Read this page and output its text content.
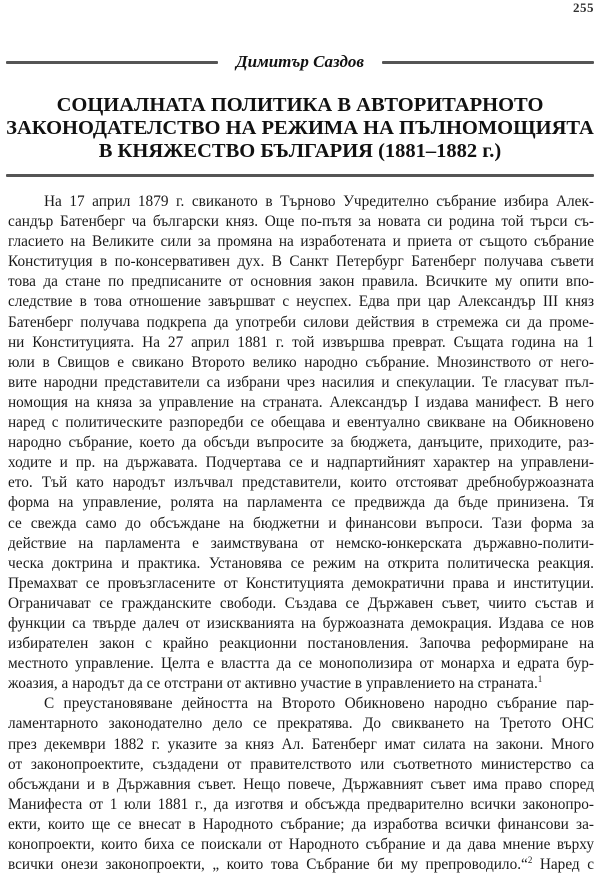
255
Димитър Саздов
СОЦИАЛНАТА ПОЛИТИКА В АВТОРИТАРНОТО
ЗАКОНОДАТЕЛСТВО НА РЕЖИМА НА ПЪЛНОМОЩИЯТА
В КНЯЖЕСТВО БЪЛГАРИЯ (1881–1882 г.)
На 17 април 1879 г. свиканото в Търново Учредително събрание избира Алек-
сандър Батенберг ча български княз. Още по-пътя за новата си родина той търси съ-
гласието на Великите сили за промяна на изработената и приета от същото събрание
Конституция в по-консервативен дух. В Санкт Петербург Батенберг получава съвети
това да стане по предписаните от основния закон правила. Всичките му опити впо-
следствие в това отношение завършват с неуспех. Едва при цар Александър III княз
Батенберг получава подкрепа да употреби силови действия в стремежа си да проме-
ни Конституцията. На 27 април 1881 г. той извършва преврат. Същата година на 1
юли в Свищов е свикано Второто велико народно събрание. Мнозинството от него-
вите народни представители са избрани чрез насилия и спекулации. Те гласуват пъл-
номощия на княза за управление на страната. Александър I издава манифест. В него
наред с политическите разпоредби се обещава и евентуално свикване на Обикновено
народно събрание, което да обсъди въпросите за бюджета, данъците, приходите, раз-
ходите и пр. на държавата. Подчертава се и надпартийният характер на управлени-
ето. Тъй като народът излъчвал представители, които отстояват дребнобуржоазната
форма на управление, ролята на парламента се предвижда да бъде принизена. Тя
се свежда само до обсъждане на бюджетни и финансови въпроси. Тази форма за
действие на парламента е заимствувана от немско-юнкерската държавно-полити-
ческа доктрина и практика. Установява се режим на открита политическа реакция.
Премахват се провъзгласените от Конституцията демократични права и институции.
Ограничават се гражданските свободи. Създава се Държавен съвет, чиито състав и
функции са твърде далеч от изискванията на буржоазната демокрация. Издава се нов
избирателен закон с крайно реакционни постановления. Започва реформиране на
местното управление. Целта е властта да се монополизира от монарха и едрата бур-
жоазия, а народът да се отстрани от активно участие в управлението на страната.$^1$
С преустановяване дейността на Второто Обикновено народно събрание пар-
ламентарното законодателно дело се прекратява. До свикването на Третото ОНС
през декември 1882 г. указите за княз Ал. Батенберг имат силата на закони. Много
от законопроектите, създадени от правителството или съответното министерство са
обсъждани и в Държавния съвет. Нещо повече, Държавният съвет има право според
Манифеста от 1 юли 1881 г., да изготвя и обсъжда предварително всички законопро-
екти, които ще се внесат в Народното събрание; да изработва всички финансови за-
конопроекти, които биха се поискали от Народното събрание и да дава мнение върху
всички онези законопроекти, „ които това Събрание би му препроводило.“$^2$ Наред с
